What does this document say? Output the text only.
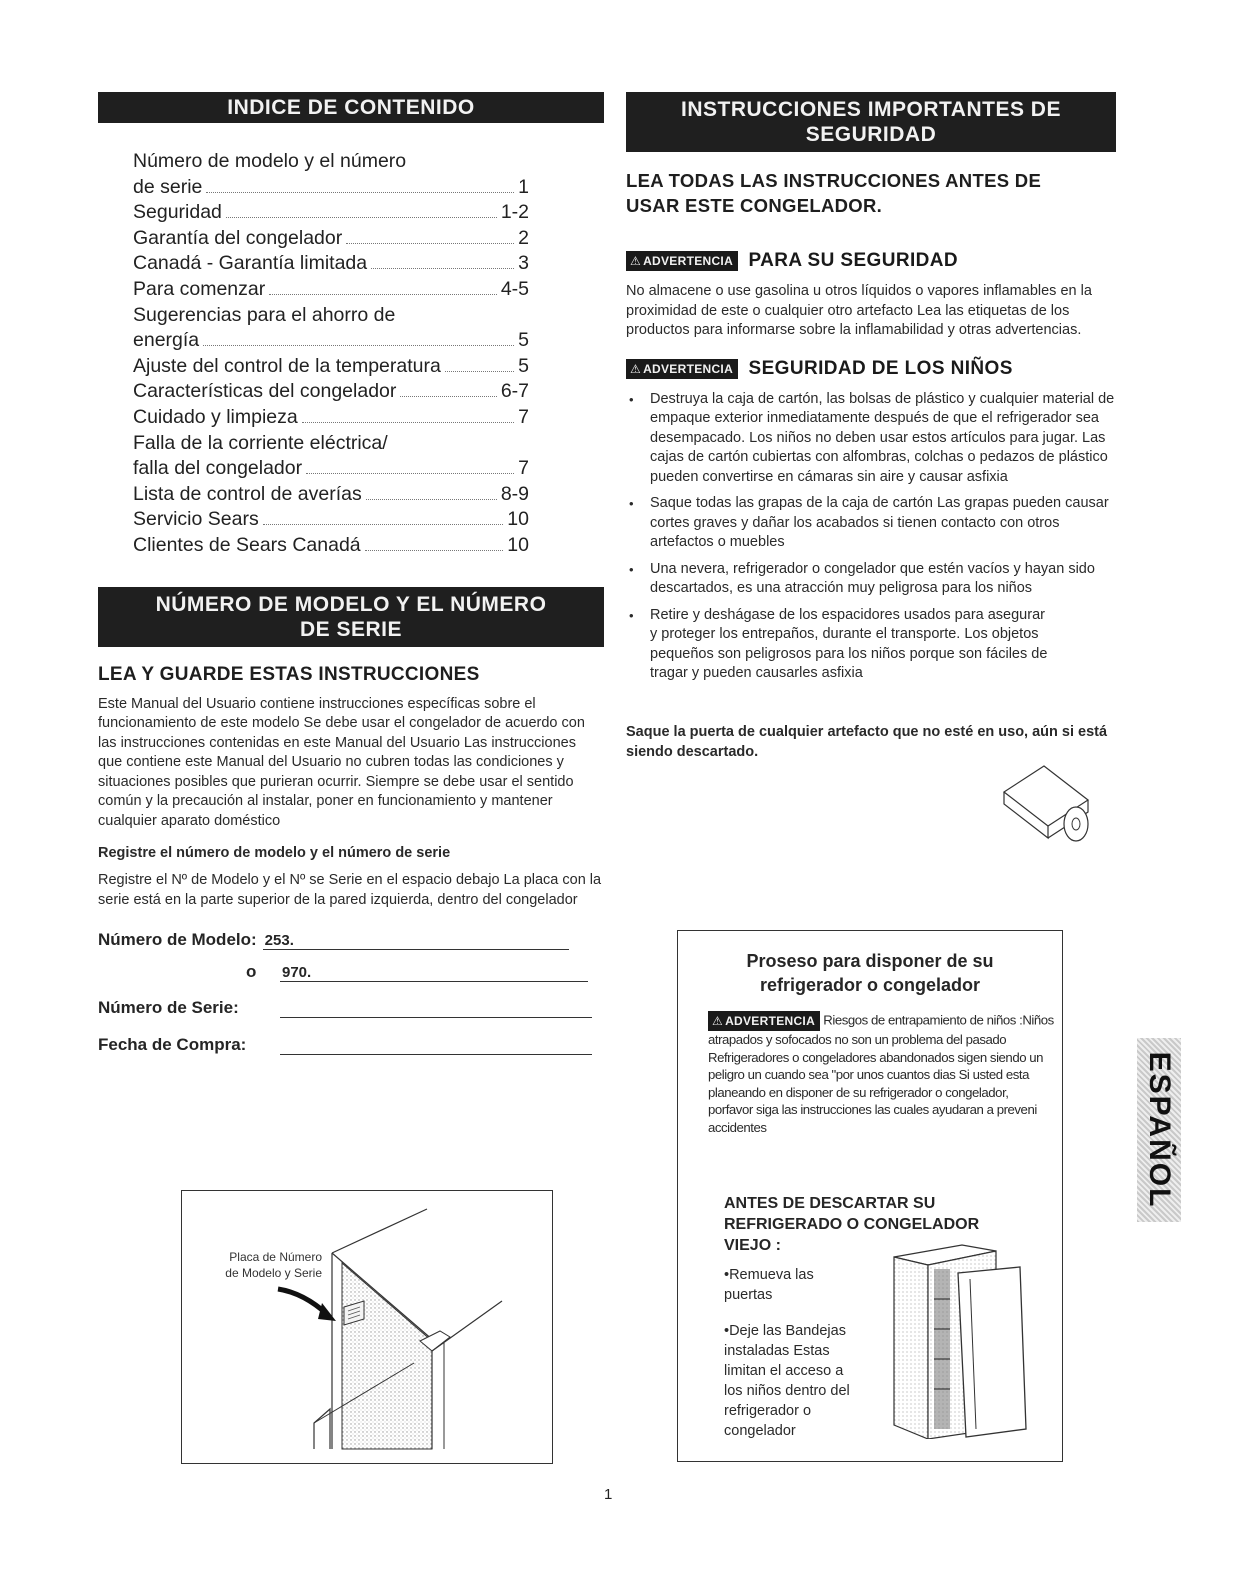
INDICE DE CONTENIDO
Número de modelo y el número
de serie	1
Seguridad	1-2
Garantía del congelador	2
Canadá - Garantía limitada	3
Para comenzar	4-5
Sugerencias para el ahorro de
energía	5
Ajuste del control de la temperatura	5
Características del congelador	6-7
Cuidado y limpieza	7
Falla de la corriente eléctrica/
falla del congelador	7
Lista de control de averías	8-9
Servicio Sears	10
Clientes de Sears Canadá	10
NÚMERO DE MODELO Y EL NÚMERO
DE SERIE
LEA Y GUARDE ESTAS INSTRUCCIONES

Este Manual del Usuario contiene instrucciones específicas sobre el funcionamiento de este modelo Se debe usar el congelador de acuerdo con las instrucciones contenidas en este Manual del Usuario Las instrucciones que contiene este Manual del Usuario no cubren todas las condiciones y situaciones posibles que purieran ocurrir. Siempre se debe usar el sentido común y la precaución al instalar, poner en funcionamiento y mantener cualquier aparato doméstico

Registre el número de modelo y el número de serie

Registre el Nº de Modelo y el Nº se Serie en el espacio debajo La placa con la serie está en la parte superior de la pared izquierda, dentro del congelador

Número de Modelo: 253.
o	970.
Número de Serie:
Fecha de Compra:
Placa de Número
de Modelo y Serie
INSTRUCCIONES IMPORTANTES DE
SEGURIDAD
LEA TODAS LAS INSTRUCCIONES ANTES DE USAR ESTE CONGELADOR.
⚠ ADVERTENCIA PARA SU SEGURIDAD

No almacene o use gasolina u otros líquidos o vapores inflamables en la proximidad de este o cualquier otro artefacto Lea las etiquetas de los productos para informarse sobre la inflamabilidad y otras advertencias.

⚠ ADVERTENCIA SEGURIDAD DE LOS NIÑOS
• Destruya la caja de cartón, las bolsas de plástico y cualquier material de empaque exterior inmediatamente después de que el refrigerador sea desempacado. Los niños no deben usar estos artículos para jugar. Las cajas de cartón cubiertas con alfombras, colchas o pedazos de plástico pueden convertirse en cámaras sin aire y causar asfixia
• Saque todas las grapas de la caja de cartón Las grapas pueden causar cortes graves y dañar los acabados si tienen contacto con otros artefactos o muebles
• Una nevera, refrigerador o congelador que estén vacíos y hayan sido descartados, es una atracción muy peligrosa para los niños
• Retire y deshágase de los espacidores usados para asegurar y proteger los entrepaños, durante el transporte. Los objetos pequeños son peligrosos para los niños porque son fáciles de tragar y pueden causarles asfixia

Saque la puerta de cualquier artefacto que no esté en uso, aún si está siendo descartado.

Proseso para disponer de su refrigerador o congelador
⚠ ADVERTENCIA Riesgos de entrapamiento de niños :Niños atrapados y sofocados no son un problema del pasado Refrigeradores o congeladores abandonados sigen siendo un peligro un cuando sea "por unos cuantos dias Si usted esta planeando en disponer de su refrigerador o congelador, porfavor siga las instrucciones las cuales ayudaran a preveni accidentes
ANTES DE DESCARTAR SU REFRIGERADO O CONGELADOR VIEJO :

•Remueva las puertas

•Deje las Bandejas instaladas Estas limitan el acceso a los niños dentro del refrigerador o congelador

ESPAÑOL
1
